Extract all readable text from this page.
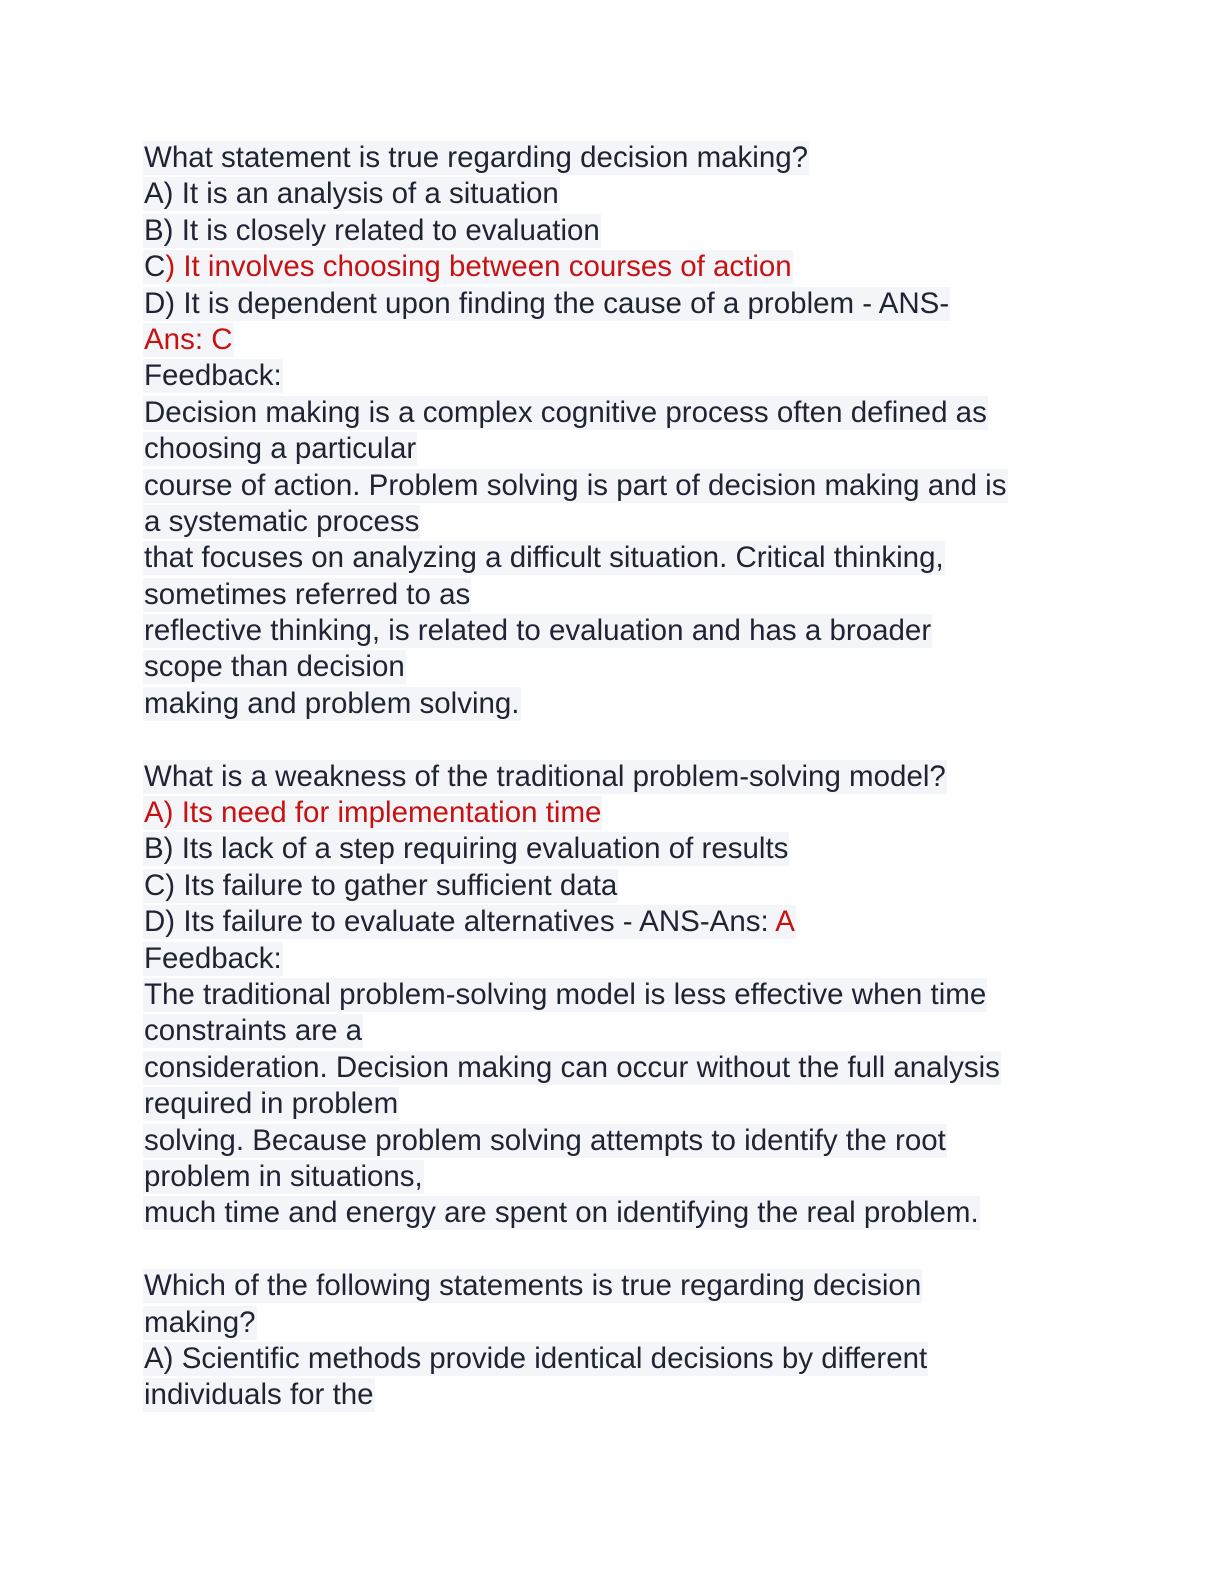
What statement is true regarding decision making?
A) It is an analysis of a situation
B) It is closely related to evaluation
C) It involves choosing between courses of action
D) It is dependent upon finding the cause of a problem - ANS-
Ans: C
Feedback:
Decision making is a complex cognitive process often defined as
choosing a particular
course of action. Problem solving is part of decision making and is
a systematic process
that focuses on analyzing a difficult situation. Critical thinking,
sometimes referred to as
reflective thinking, is related to evaluation and has a broader
scope than decision
making and problem solving.
What is a weakness of the traditional problem-solving model?
A) Its need for implementation time
B) Its lack of a step requiring evaluation of results
C) Its failure to gather sufficient data
D) Its failure to evaluate alternatives - ANS-Ans: A
Feedback:
The traditional problem-solving model is less effective when time
constraints are a
consideration. Decision making can occur without the full analysis
required in problem
solving. Because problem solving attempts to identify the root
problem in situations,
much time and energy are spent on identifying the real problem.
Which of the following statements is true regarding decision
making?
A) Scientific methods provide identical decisions by different
individuals for the
